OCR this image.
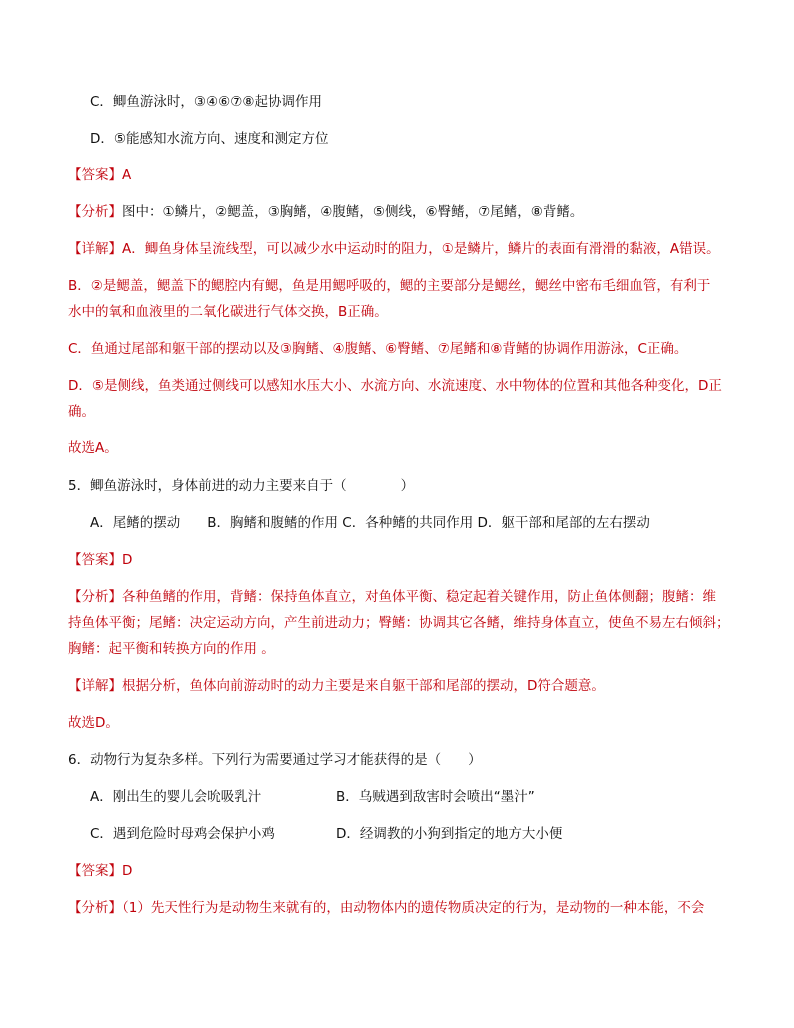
C．鲫鱼游泳时，③④⑥⑦⑧起协调作用
D．⑤能感知水流方向、速度和测定方位
【答案】A
【分析】图中：①鳞片，②鳃盖，③胸鳍，④腹鳍，⑤侧线，⑥臀鳍，⑦尾鳍，⑧背鳍。
【详解】A．鲫鱼身体呈流线型，可以减少水中运动时的阻力，①是鳞片，鳞片的表面有滑滑的黏液，A错误。
B．②是鳃盖，鳃盖下的鳃腔内有鳃，鱼是用鳃呼吸的，鳃的主要部分是鳃丝，鳃丝中密布毛细血管，有利于
水中的氧和血液里的二氧化碳进行气体交换，B正确。
C．鱼通过尾部和躯干部的摆动以及③胸鳍、④腹鳍、⑥臀鳍、⑦尾鳍和⑧背鳍的协调作用游泳，C正确。
D．⑤是侧线，鱼类通过侧线可以感知水压大小、水流方向、水流速度、水中物体的位置和其他各种变化，D正
确。
故选A。
5．鲫鱼游泳时，身体前进的动力主要来自于（　　　　）
A．尾鳍的摆动　　B．胸鳍和腹鳍的作用 C．各种鳍的共同作用 D．躯干部和尾部的左右摆动
【答案】D
【分析】各种鱼鳍的作用，背鳍：保持鱼体直立，对鱼体平衡、稳定起着关键作用，防止鱼体侧翻；腹鳍：维
持鱼体平衡；尾鳍：决定运动方向，产生前进动力；臀鳍：协调其它各鳍，维持身体直立，使鱼不易左右倾斜；
胸鳍：起平衡和转换方向的作用 。
【详解】根据分析，鱼体向前游动时的动力主要是来自躯干部和尾部的摆动，D符合题意。
故选D。
6．动物行为复杂多样。下列行为需要通过学习才能获得的是（　　）
A．刚出生的婴儿会吮吸乳汁	B．乌贼遇到敌害时会喷出“墨汁”
C．遇到危险时母鸡会保护小鸡	D．经调教的小狗到指定的地方大小便
【答案】D
【分析】（1）先天性行为是动物生来就有的，由动物体内的遗传物质决定的行为，是动物的一种本能，不会
